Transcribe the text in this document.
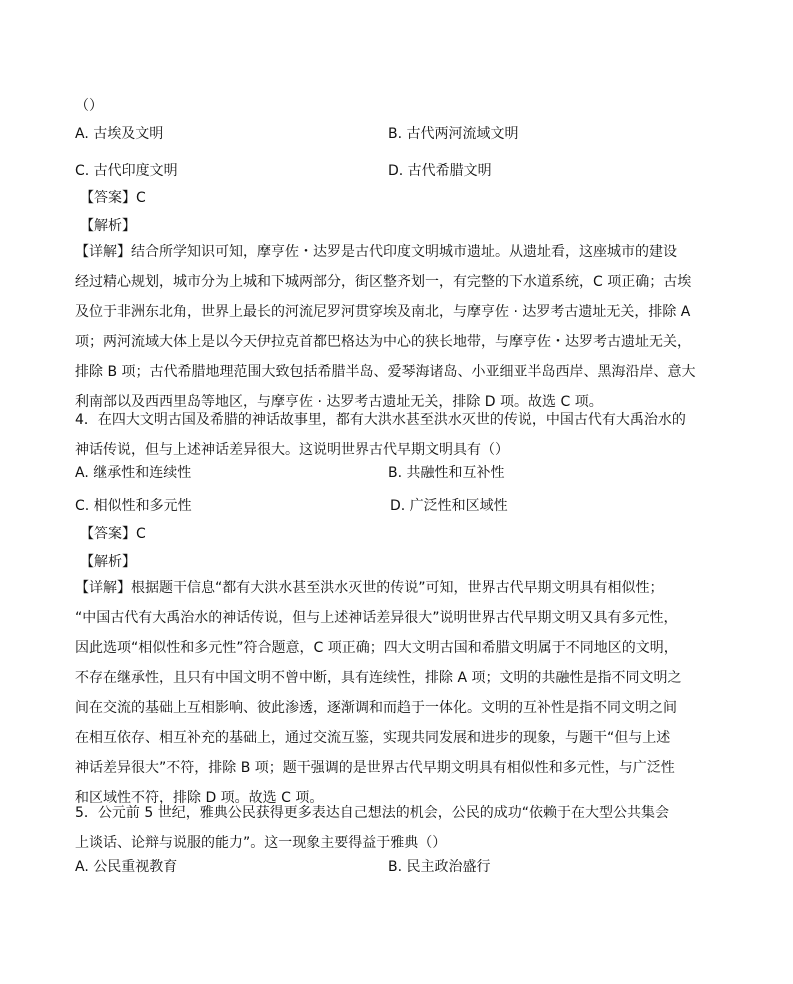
（）
A. 古埃及文明	B. 古代两河流域文明
C. 古代印度文明	D. 古代希腊文明
【答案】C
【解析】
【详解】结合所学知识可知，摩亨佐・达罗是古代印度文明城市遗址。从遗址看，这座城市的建设
经过精心规划，城市分为上城和下城两部分，街区整齐划一，有完整的下水道系统，C 项正确；古埃
及位于非洲东北角，世界上最长的河流尼罗河贯穿埃及南北，与摩亨佐 · 达罗考古遗址无关，排除 A
项；两河流域大体上是以今天伊拉克首都巴格达为中心的狭长地带，与摩亨佐・达罗考古遗址无关，
排除 B 项；古代希腊地理范围大致包括希腊半岛、爱琴海诸岛、小亚细亚半岛西岸、黑海沿岸、意大
利南部以及西西里岛等地区，与摩亨佐 · 达罗考古遗址无关，排除 D 项。故选 C 项。
4．在四大文明古国及希腊的神话故事里，都有大洪水甚至洪水灭世的传说，中国古代有大禹治水的
神话传说，但与上述神话差异很大。这说明世界古代早期文明具有（）
A. 继承性和连续性	B. 共融性和互补性
C. 相似性和多元性	D. 广泛性和区域性
【答案】C
【解析】
【详解】根据题干信息“都有大洪水甚至洪水灭世的传说”可知，世界古代早期文明具有相似性；
“中国古代有大禹治水的神话传说，但与上述神话差异很大”说明世界古代早期文明又具有多元性，
因此选项“相似性和多元性”符合题意，C 项正确；四大文明古国和希腊文明属于不同地区的文明，
不存在继承性，且只有中国文明不曾中断，具有连续性，排除 A 项；文明的共融性是指不同文明之
间在交流的基础上互相影响、彼此渗透，逐渐调和而趋于一体化。文明的互补性是指不同文明之间
在相互依存、相互补充的基础上，通过交流互鉴，实现共同发展和进步的现象，与题干“但与上述
神话差异很大”不符，排除 B 项；题干强调的是世界古代早期文明具有相似性和多元性，与广泛性
和区域性不符，排除 D 项。故选 C 项。
5．公元前 5 世纪，雅典公民获得更多表达自己想法的机会，公民的成功“依赖于在大型公共集会
上谈话、论辩与说服的能力”。这一现象主要得益于雅典（）
A. 公民重视教育	B. 民主政治盛行
